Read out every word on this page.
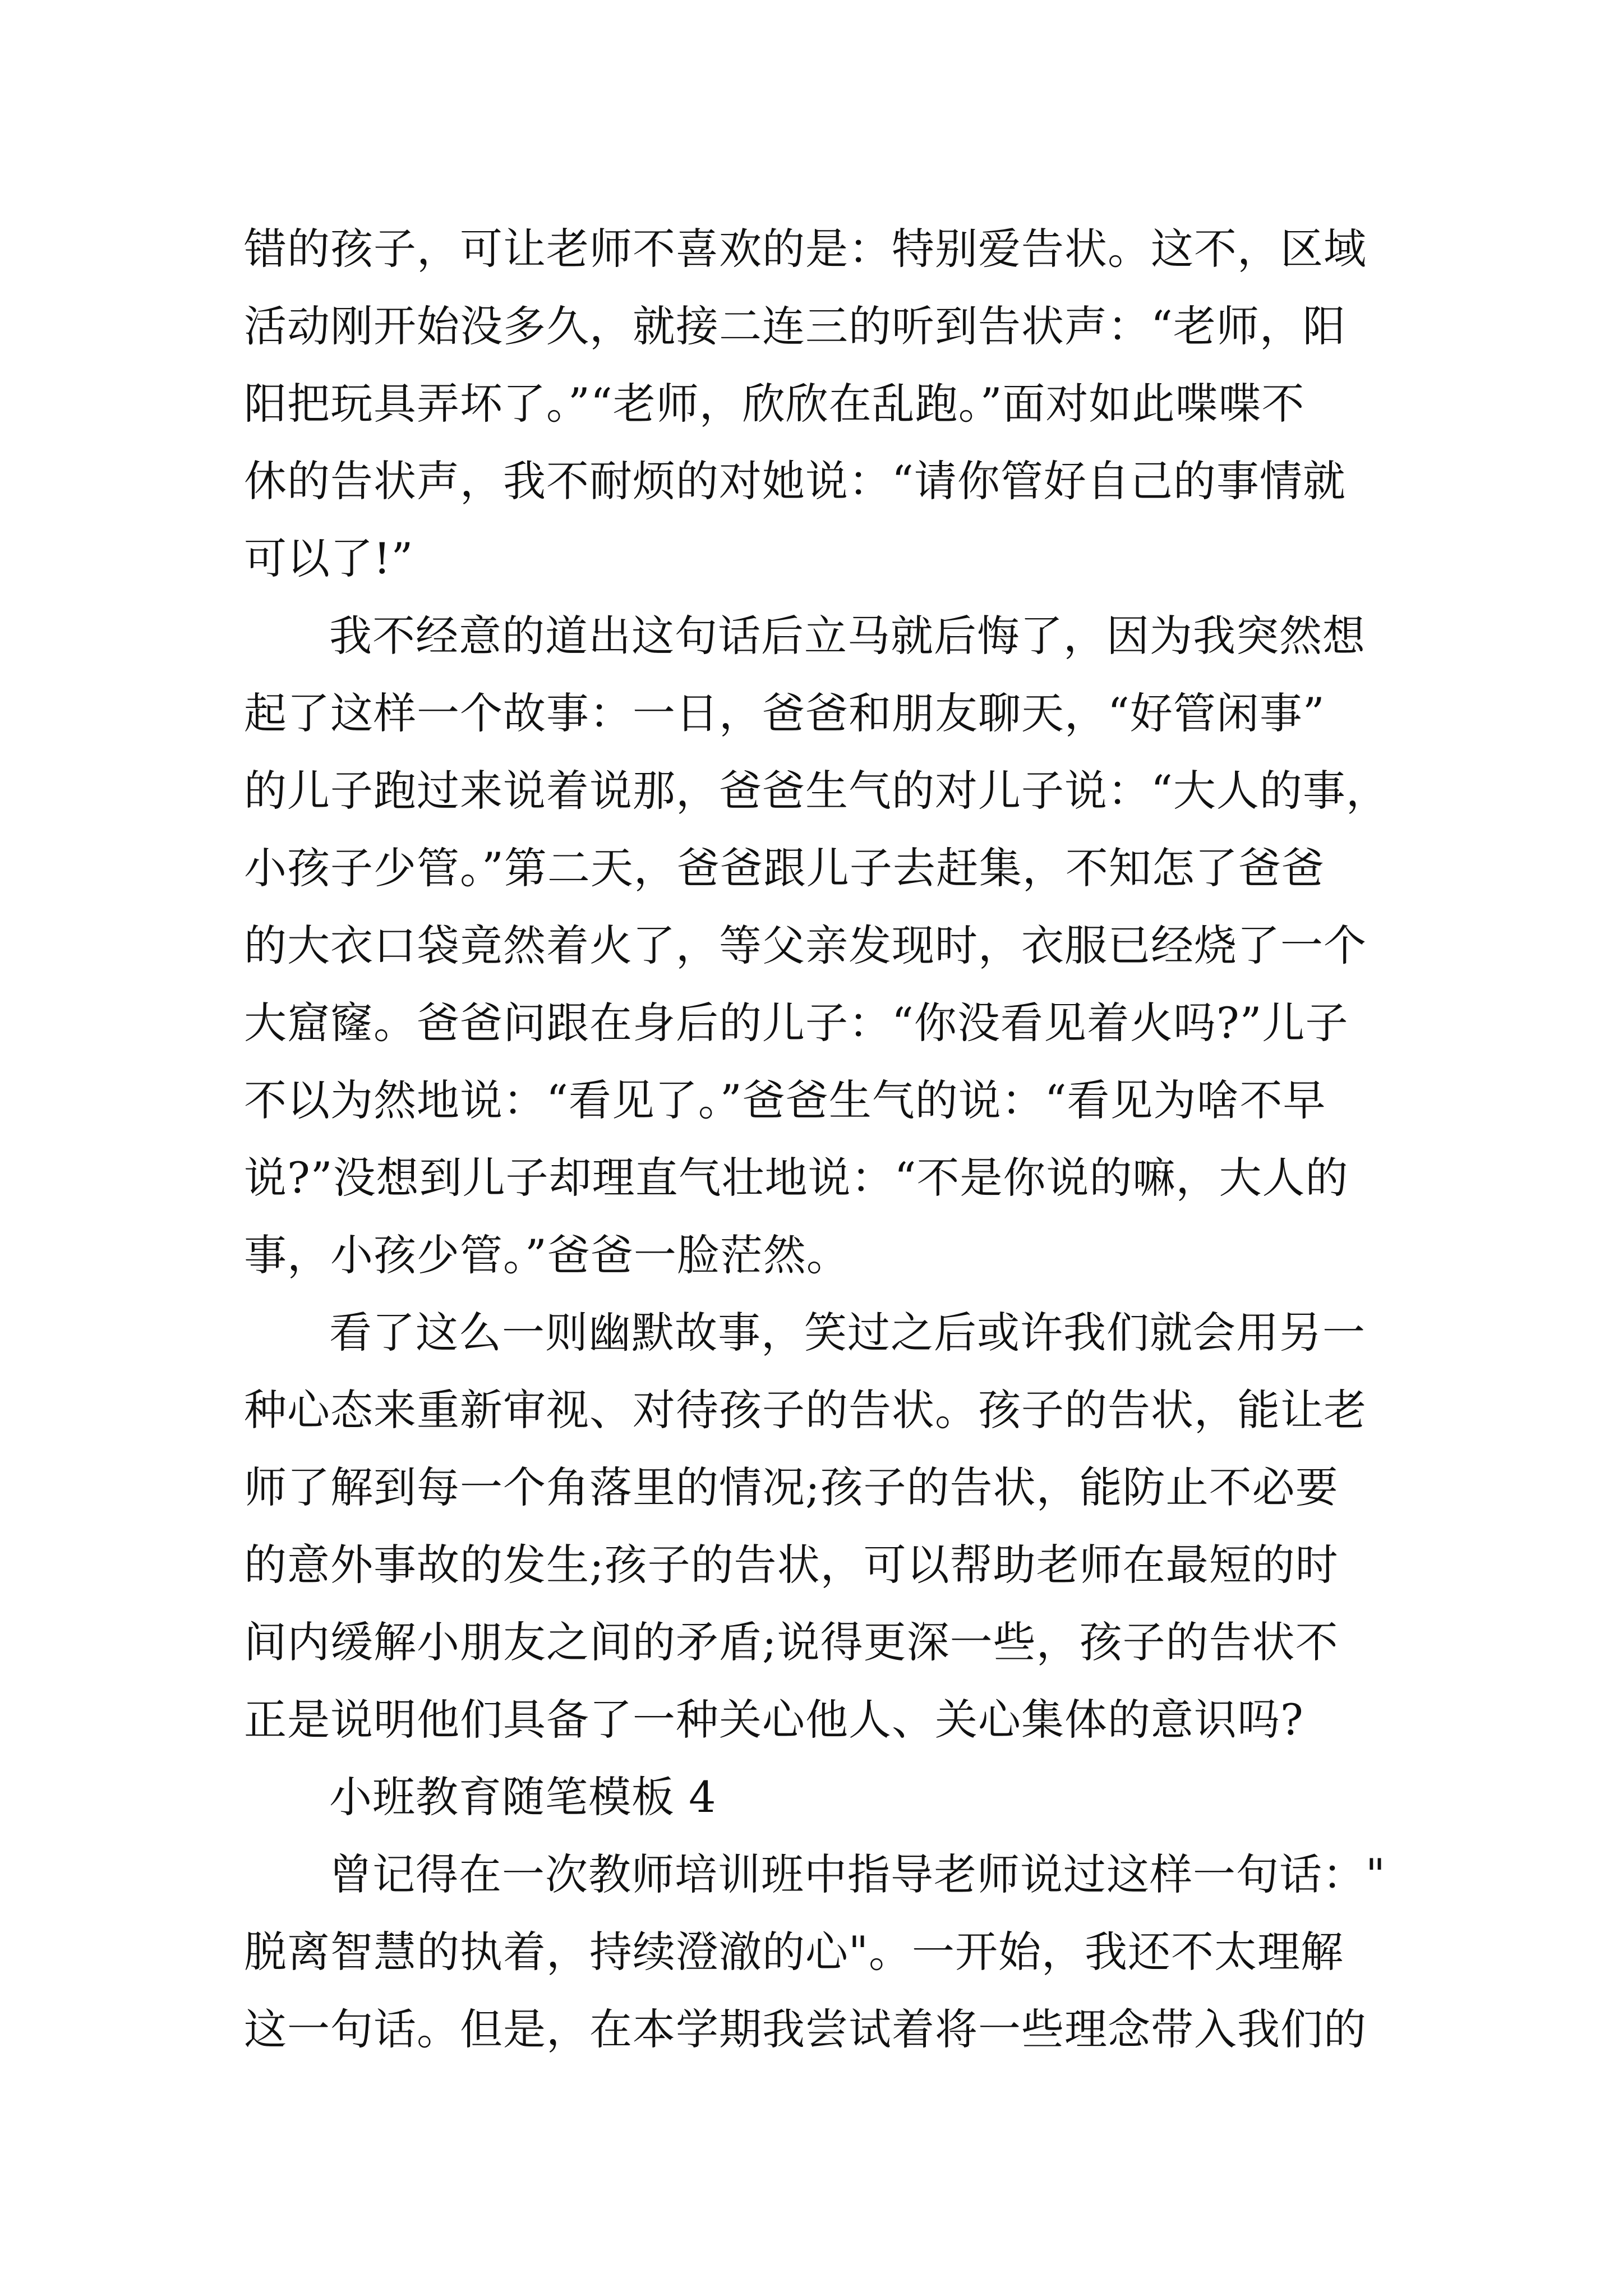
错的孩子，可让老师不喜欢的是：特别爱告状。这不，区域
活动刚开始没多久，就接二连三的听到告状声：“老师，阳
阳把玩具弄坏了。”“老师，欣欣在乱跑。”面对如此喋喋不
休的告状声，我不耐烦的对她说：“请你管好自己的事情就
可以了!”
我不经意的道出这句话后立马就后悔了，因为我突然想
起了这样一个故事：一日，爸爸和朋友聊天，“好管闲事”
的儿子跑过来说着说那，爸爸生气的对儿子说：“大人的事，
小孩子少管。”第二天，爸爸跟儿子去赶集，不知怎了爸爸
的大衣口袋竟然着火了，等父亲发现时，衣服已经烧了一个
大窟窿。爸爸问跟在身后的儿子：“你没看见着火吗?”儿子
不以为然地说：“看见了。”爸爸生气的说：“看见为啥不早
说?”没想到儿子却理直气壮地说：“不是你说的嘛，大人的
事，小孩少管。”爸爸一脸茫然。
看了这么一则幽默故事，笑过之后或许我们就会用另一
种心态来重新审视、对待孩子的告状。孩子的告状，能让老
师了解到每一个角落里的情况;孩子的告状，能防止不必要
的意外事故的发生;孩子的告状，可以帮助老师在最短的时
间内缓解小朋友之间的矛盾;说得更深一些，孩子的告状不
正是说明他们具备了一种关心他人、关心集体的意识吗?
小班教育随笔模板 4
曾记得在一次教师培训班中指导老师说过这样一句话："
脱离智慧的执着，持续澄澈的心"。一开始，我还不太理解
这一句话。但是，在本学期我尝试着将一些理念带入我们的
